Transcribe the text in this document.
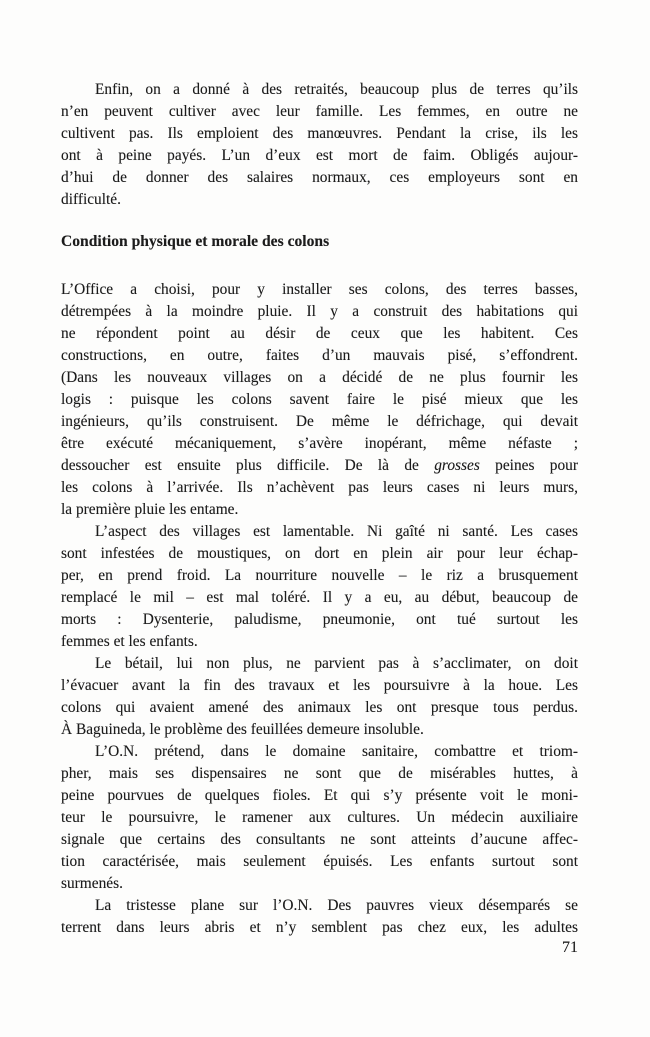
Enfin, on a donné à des retraités, beaucoup plus de terres qu’ils
n’en peuvent cultiver avec leur famille. Les femmes, en outre ne
cultivent pas. Ils emploient des manœuvres. Pendant la crise, ils les
ont à peine payés. L’un d’eux est mort de faim. Obligés aujour-
d’hui de donner des salaires normaux, ces employeurs sont en
difficulté.
Condition physique et morale des colons
L’Office a choisi, pour y installer ses colons, des terres basses,
détrempées à la moindre pluie. Il y a construit des habitations qui
ne répondent point au désir de ceux que les habitent. Ces
constructions, en outre, faites d’un mauvais pisé, s’effondrent.
(Dans les nouveaux villages on a décidé de ne plus fournir les
logis : puisque les colons savent faire le pisé mieux que les
ingénieurs, qu’ils construisent. De même le défrichage, qui devait
être exécuté mécaniquement, s’avère inopérant, même néfaste ;
dessoucher est ensuite plus difficile. De là de grosses peines pour
les colons à l’arrivée. Ils n’achèvent pas leurs cases ni leurs murs,
la première pluie les entame.
L’aspect des villages est lamentable. Ni gaîté ni santé. Les cases
sont infestées de moustiques, on dort en plein air pour leur échap-
per, en prend froid. La nourriture nouvelle – le riz a brusquement
remplacé le mil – est mal toléré. Il y a eu, au début, beaucoup de
morts : Dysenterie, paludisme, pneumonie, ont tué surtout les
femmes et les enfants.
Le bétail, lui non plus, ne parvient pas à s’acclimater, on doit
l’évacuer avant la fin des travaux et les poursuivre à la houe. Les
colons qui avaient amené des animaux les ont presque tous perdus.
À Baguineda, le problème des feuillées demeure insoluble.
L’O.N. prétend, dans le domaine sanitaire, combattre et triom-
pher, mais ses dispensaires ne sont que de misérables huttes, à
peine pourvues de quelques fioles. Et qui s’y présente voit le moni-
teur le poursuivre, le ramener aux cultures. Un médecin auxiliaire
signale que certains des consultants ne sont atteints d’aucune affec-
tion caractérisée, mais seulement épuisés. Les enfants surtout sont
surmenés.
La tristesse plane sur l’O.N. Des pauvres vieux désemparés se
terrent dans leurs abris et n’y semblent pas chez eux, les adultes
71
